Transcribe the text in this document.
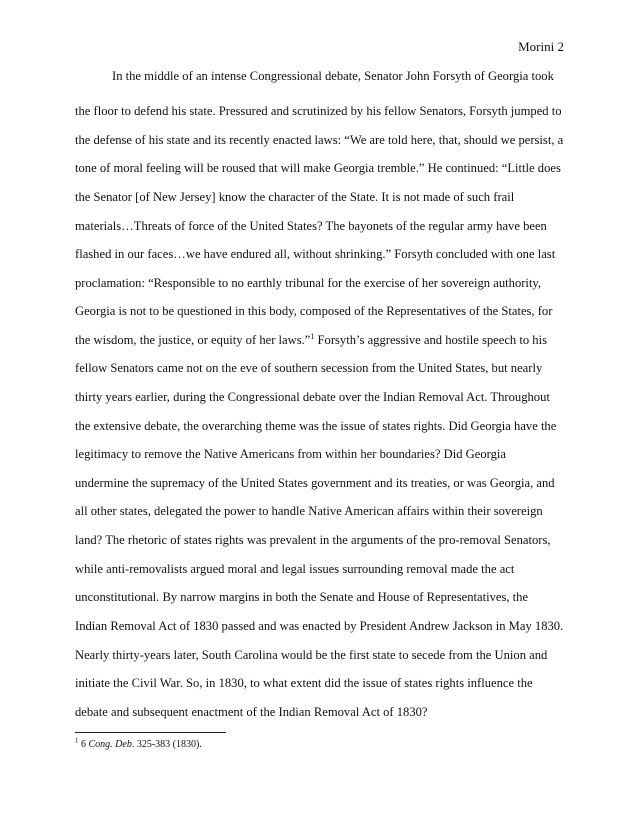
Morini 2
In the middle of an intense Congressional debate, Senator John Forsyth of Georgia took
the floor to defend his state. Pressured and scrutinized by his fellow Senators, Forsyth jumped to
the defense of his state and its recently enacted laws: “We are told here, that, should we persist, a
tone of moral feeling will be roused that will make Georgia tremble.” He continued: “Little does
the Senator [of New Jersey] know the character of the State. It is not made of such frail
materials…Threats of force of the United States? The bayonets of the regular army have been
flashed in our faces…we have endured all, without shrinking.” Forsyth concluded with one last
proclamation: “Responsible to no earthly tribunal for the exercise of her sovereign authority,
Georgia is not to be questioned in this body, composed of the Representatives of the States, for
the wisdom, the justice, or equity of her laws.”$^1$ Forsyth’s aggressive and hostile speech to his
fellow Senators came not on the eve of southern secession from the United States, but nearly
thirty years earlier, during the Congressional debate over the Indian Removal Act. Throughout
the extensive debate, the overarching theme was the issue of states rights. Did Georgia have the
legitimacy to remove the Native Americans from within her boundaries? Did Georgia
undermine the supremacy of the United States government and its treaties, or was Georgia, and
all other states, delegated the power to handle Native American affairs within their sovereign
land? The rhetoric of states rights was prevalent in the arguments of the pro-removal Senators,
while anti-removalists argued moral and legal issues surrounding removal made the act
unconstitutional. By narrow margins in both the Senate and House of Representatives, the
Indian Removal Act of 1830 passed and was enacted by President Andrew Jackson in May 1830.
Nearly thirty-years later, South Carolina would be the first state to secede from the Union and
initiate the Civil War. So, in 1830, to what extent did the issue of states rights influence the
debate and subsequent enactment of the Indian Removal Act of 1830?
$^1$ 6 Cong. Deb. 325-383 (1830).
